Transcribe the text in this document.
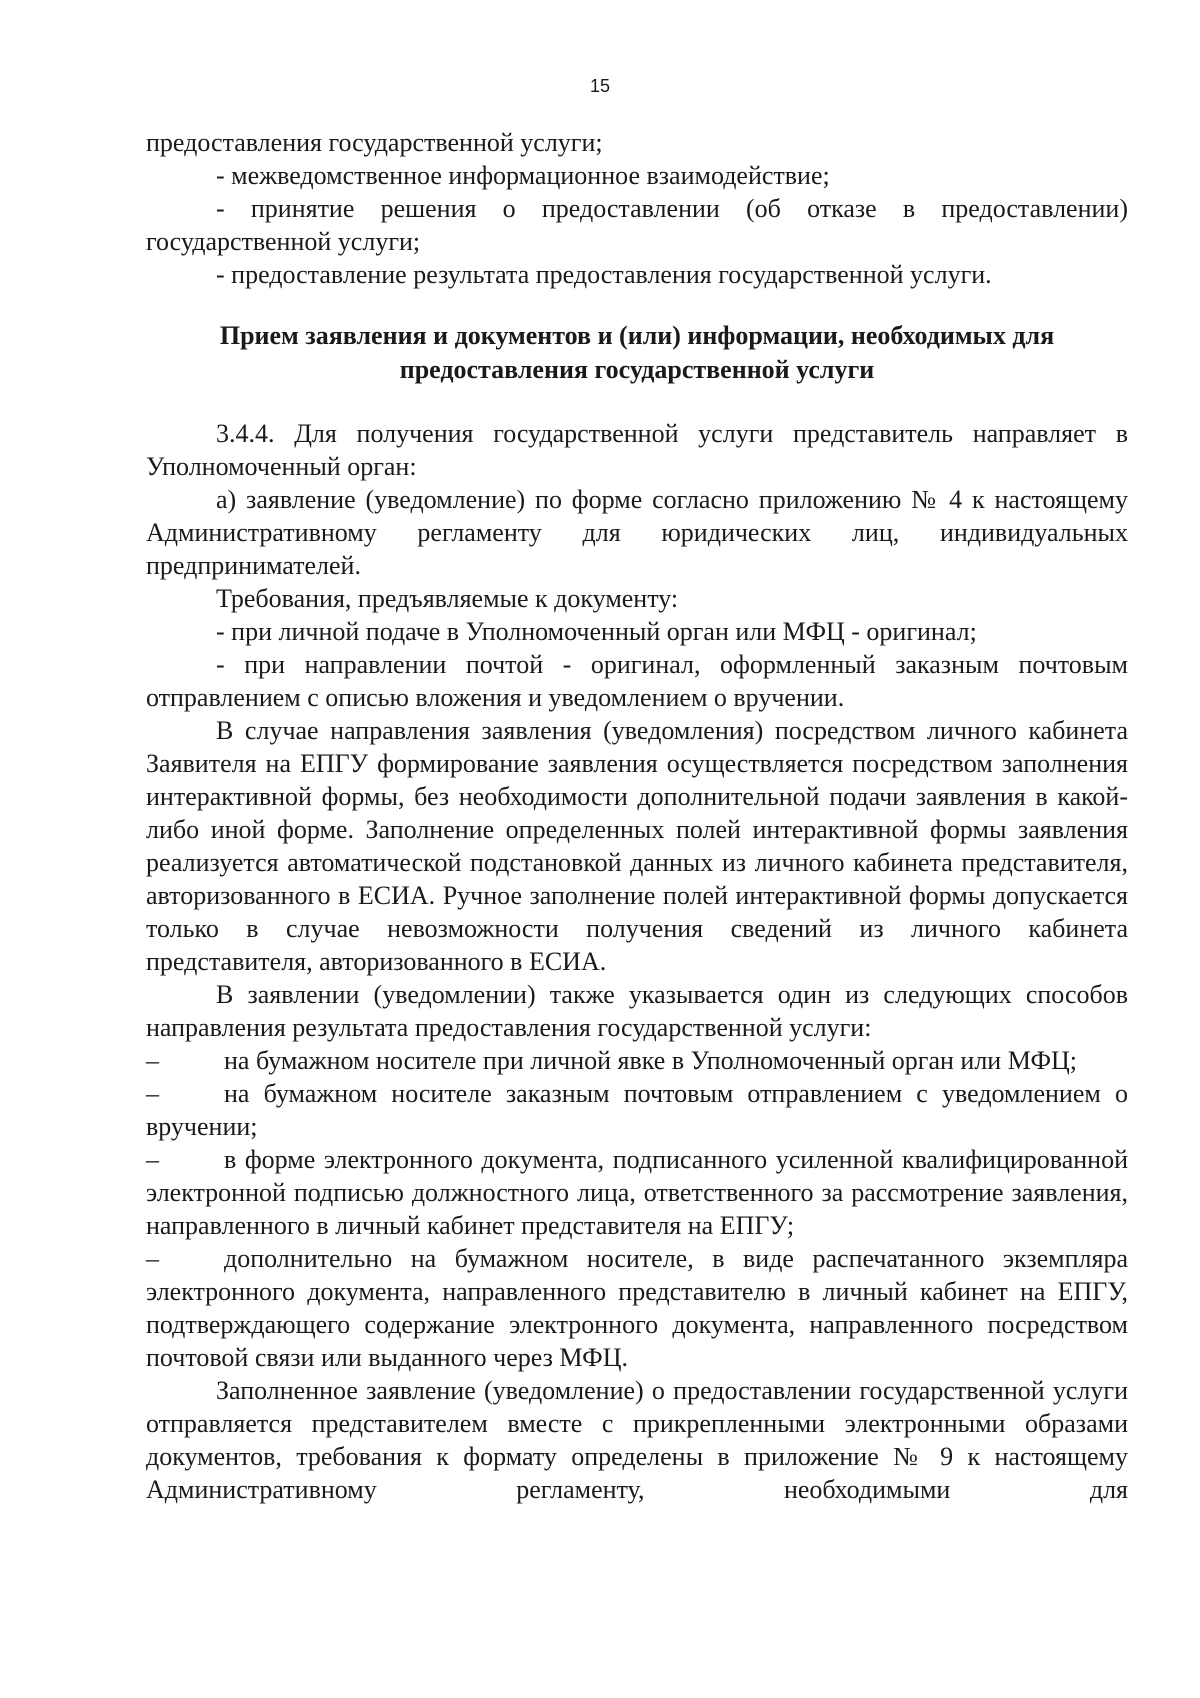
15

предоставления государственной услуги;

- межведомственное информационное взаимодействие;

- принятие решения о предоставлении (об отказе в предоставлении) государственной услуги;

- предоставление результата предоставления государственной услуги.

Прием заявления и документов и (или) информации, необходимых для
предоставления государственной услуги

3.4.4. Для получения государственной услуги представитель направляет в Уполномоченный орган:

а) заявление (уведомление) по форме согласно приложению № 4 к настоящему Административному регламенту для юридических лиц, индивидуальных предпринимателей.

Требования, предъявляемые к документу:

- при личной подаче в Уполномоченный орган или МФЦ - оригинал;

- при направлении почтой - оригинал, оформленный заказным почтовым отправлением с описью вложения и уведомлением о вручении.

В случае направления заявления (уведомления) посредством личного кабинета Заявителя на ЕПГУ формирование заявления осуществляется посредством заполнения интерактивной формы, без необходимости дополнительной подачи заявления в какой-либо иной форме. Заполнение определенных полей интерактивной формы заявления реализуется автоматической подстановкой данных из личного кабинета представителя, авторизованного в ЕСИА. Ручное заполнение полей интерактивной формы допускается только в случае невозможности получения сведений из личного кабинета представителя, авторизованного в ЕСИА.

В заявлении (уведомлении) также указывается один из следующих способов направления результата предоставления государственной услуги:

–	на бумажном носителе при личной явке в Уполномоченный орган или МФЦ;

–	на бумажном носителе заказным почтовым отправлением с уведомлением о вручении;

–	в форме электронного документа, подписанного усиленной квалифицированной электронной подписью должностного лица, ответственного за рассмотрение заявления, направленного в личный кабинет представителя на ЕПГУ;

–	дополнительно на бумажном носителе, в виде распечатанного экземпляра электронного документа, направленного представителю в личный кабинет на ЕПГУ, подтверждающего содержание электронного документа, направленного посредством почтовой связи или выданного через МФЦ.

Заполненное заявление (уведомление) о предоставлении государственной услуги отправляется представителем вместе с прикрепленными электронными образами документов, требования к формату определены в приложение № 9 к настоящему Административному регламенту, необходимыми для
